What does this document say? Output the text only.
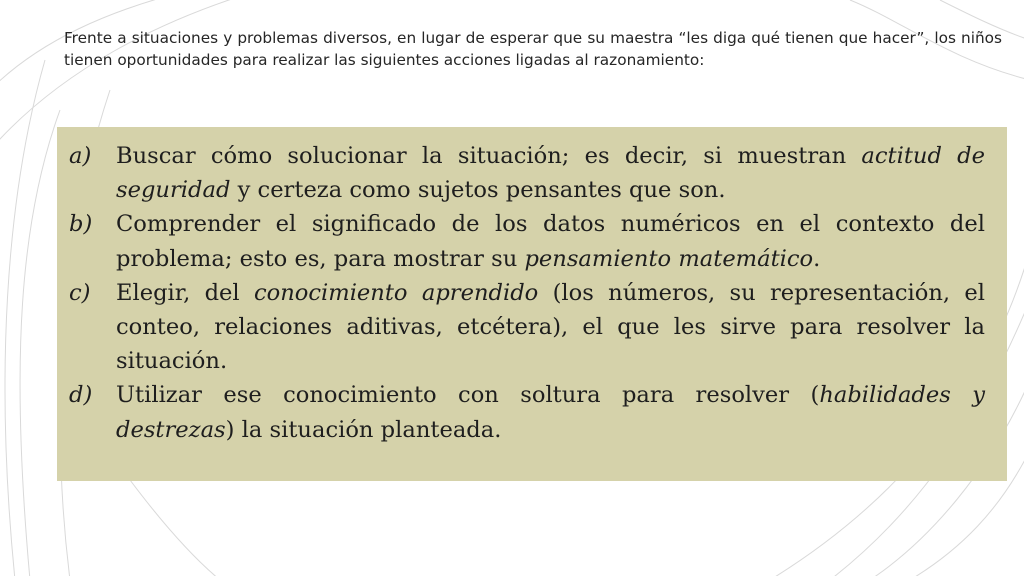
Frente a situaciones y problemas diversos, en lugar de esperar que su maestra “les diga qué tienen que hacer”, los niños tienen oportunidades para realizar las siguientes acciones ligadas al razonamiento:

a)	Buscar cómo solucionar la situación; es decir, si muestran actitud de seguridad y certeza como sujetos pensantes que son.

b)	Comprender el significado de los datos numéricos en el contexto del problema; esto es, para mostrar su pensamiento matemático.

c)	Elegir, del conocimiento aprendido (los números, su representación, el conteo, relaciones aditivas, etcétera), el que les sirve para resolver la situación.

d)	Utilizar ese conocimiento con soltura para resolver (habilidades y destrezas) la situación planteada.
